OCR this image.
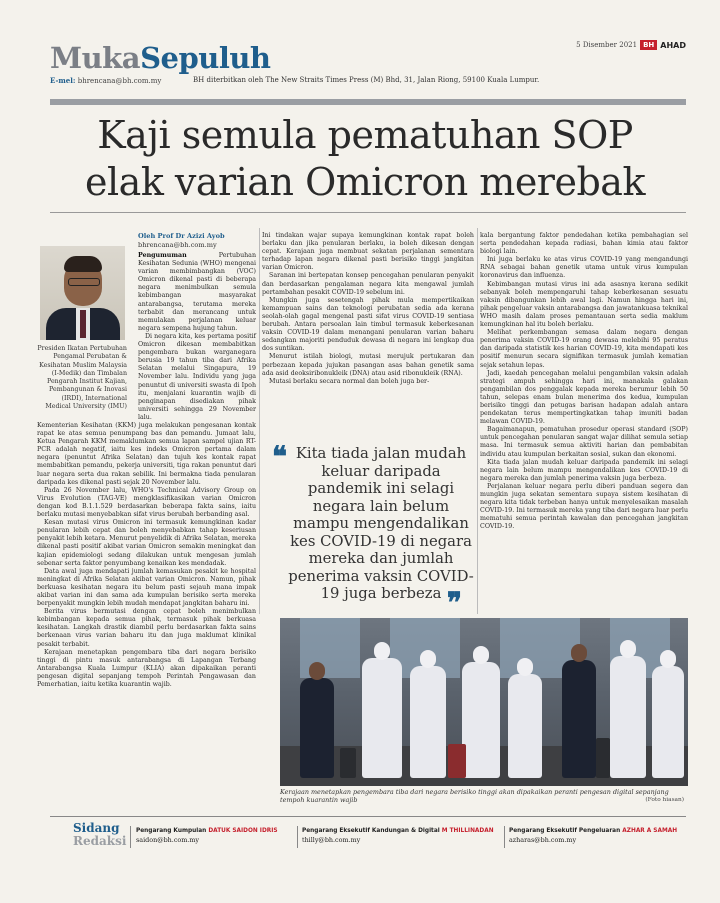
MukaSepuluh	5 Disember 2021 BH AHAD
E-mel: bhrencana@bh.com.my	BH diterbitkan oleh The New Straits Times Press (M) Bhd, 31, Jalan Riong, 59100 Kuala Lumpur.
Kaji semula pematuhan SOP
elak varian Omicron merebak
Presiden Ikatan Pertubuhan Pengamal Perubatan & Kesihatan Muslim Malaysia (I-Medik) dan Timbalan Pengarah Institut Kajian, Pembangunan & Inovasi (IRDI), International Medical University (IMU)
Oleh Prof Dr Azizi Ayob
bhrencana@bh.com.my

Pengumuman Pertubuhan Kesihatan Sedunia (WHO) mengenai varian membimbangkan (VOC) Omicron dikenal pasti di beberapa negara menimbulkan semula kebimbangan masyarakat antarabangsa, terutama mereka terbabit dan merancang untuk memulakan perjalanan keluar negara sempena hujung tahun.

Di negara kita, kes pertama positif Omicron dikesan membabitkan pengembara bukan warganegara berusia 19 tahun tiba dari Afrika Selatan melalui Singapura, 19 November lalu. Individu yang juga penuntut di universiti swasta di Ipoh itu, menjalani kuarantin wajib di penginapan disediakan pihak universiti sehingga 29 November lalu.

Kementerian Kesihatan (KKM) juga melakukan pengesanan kontak rapat ke atas semua penumpang bas dan pemandu. Jumaat lalu, Ketua Pengarah KKM memaklumkan semua lapan sampel ujian RT-PCR adalah negatif, iaitu kes indeks Omicron pertama dalam negara (penuntut Afrika Selatan) dan tujuh kes kontak rapat membabitkan pemandu, pekerja universiti, tiga rakan penuntut dari luar negara serta dua rakan sebilik. Ini bermakna tiada penularan daripada kes dikenal pasti sejak 20 November lalu.

Pada 26 November lalu, WHO's Technical Advisory Group on Virus Evolution (TAG-VE) mengklasifikasikan varian Omicron dengan kod B.1.1.529 berdasarkan beberapa fakta sains, iaitu berlaku mutasi menyebabkan sifat virus berubah berbanding asal.

Kesan mutasi virus Omicron ini termasuk kemungkinan kadar penularan lebih cepat dan boleh menyebabkan tahap keseriusan penyakit lebih ketara. Menurut penyelidik di Afrika Selatan, mereka dikenal pasti positif akibat varian Omicron semakin meningkat dan kajian epidemiologi sedang dilakukan untuk mengesan jumlah sebenar serta faktor penyumbang kenaikan kes mendadak.

Data awal juga mendapati jumlah kemasukan pesakit ke hospital meningkat di Afrika Selatan akibat varian Omicron. Namun, pihak berkuasa kesihatan negara itu belum pasti sejauh mana impak akibat varian ini dan sama ada kumpulan berisiko serta mereka berpenyakit mungkin lebih mudah mendapat jangkitan baharu ini.

Berita virus bermutasi dengan cepat boleh menimbulkan kebimbangan kepada semua pihak, termasuk pihak berkuasa kesihatan. Langkah drastik diambil perlu berdasarkan fakta sains berkenaan virus varian baharu itu dan juga maklumat klinikal pesakit terbabit.

Kerajaan menetapkan pengembara tiba dari negara berisiko tinggi di pintu masuk antarabangsa di Lapangan Terbang Antarabangsa Kuala Lumpur (KLIA) akan dipakaikan peranti pengesan digital sepanjang tempoh Perintah Pengawasan dan Pemerhatian, iaitu ketika kuarantin wajib.

Ini tindakan wajar supaya kemungkinan kontak rapat boleh berlaku dan jika penularan berlaku, ia boleh dikesan dengan cepat. Kerajaan juga membuat sekatan perjalanan sementara terhadap lapan negara dikenal pasti berisiko tinggi jangkitan varian Omicron.

Saranan ini bertepatan konsep pencegahan penularan penyakit dan berdasarkan pengalaman negara kita mengawal jumlah pertambahan pesakit COVID-19 sebelum ini.

Mungkin juga sesetengah pihak mula mempertikaikan kemampuan sains dan teknologi perubatan sedia ada kerana seolah-olah gagal mengenal pasti sifat virus COVID-19 sentiasa berubah. Antara persoalan lain timbul termasuk keberkesanan vaksin COVID-19 dalam menangani penularan varian baharu sedangkan majoriti penduduk dewasa di negara ini lengkap dua dos suntikan.

Menurut istilah biologi, mutasi merujuk pertukaran dan perbezaan kepada jujukan pasangan asas bahan genetik sama ada asid deoksiribonukleik (DNA) atau asid ribonukleik (RNA).

Mutasi berlaku secara normal dan boleh juga ber-

kala bergantung faktor pendedahan ketika pembahagian sel serta pendedahan kepada radiasi, bahan kimia atau faktor biologi lain.

Ini juga berlaku ke atas virus COVID-19 yang mengandungi RNA sebagai bahan genetik utama untuk virus kumpulan koronavirus dan influenza.

Kebimbangan mutasi virus ini ada asasnya kerana sedikit sebanyak boleh mempengaruhi tahap keberkesanan sesuatu vaksin dibangunkan lebih awal lagi. Namun hingga hari ini, pihak pengeluar vaksin antarabangsa dan jawatankuasa teknikal WHO masih dalam proses pemantauan serta sedia maklum kemungkinan hal itu boleh berlaku.

Melihat perkembangan semasa dalam negara dengan penerima vaksin COVID-19 orang dewasa melebihi 95 peratus dan daripada statistik kes harian COVID-19, kita mendapati kes positif menurun secara signifikan termasuk jumlah kematian sejak setahun lepas.

Jadi, kaedah pencegahan melalui pengambilan vaksin adalah strategi ampuh sehingga hari ini, manakala galakan pengambilan dos penggalak kepada mereka berumur lebih 50 tahun, selepas enam bulan menerima dos kedua, kumpulan berisiko tinggi dan petugas barisan hadapan adalah antara pendekatan terus mempertingkatkan tahap imuniti badan melawan COVID-19.

Bagaimanapun, pematuhan prosedur operasi standard (SOP) untuk pencegahan penularan sangat wajar dilihat semula setiap masa. Ini termasuk semua aktiviti harian dan pembabitan individu atau kumpulan berkaitan sosial, sukan dan ekonomi.

Kita tiada jalan mudah keluar daripada pandemik ini selagi negara lain belum mampu mengendalikan kes COVID-19 di negara mereka dan jumlah penerima vaksin juga berbeza.

Perjalanan keluar negara perlu diberi panduan segera dan mungkin juga sekatan sementara supaya sistem kesihatan di negara kita tidak terbeban hanya untuk menyelesaikan masalah COVID-19. Ini termasuk mereka yang tiba dari negara luar perlu mematuhi semua perintah kawalan dan pencegahan jangkitan COVID-19.

❝ Kita tiada jalan mudah keluar daripada pandemik ini selagi negara lain belum mampu mengendalikan kes COVID-19 di negara mereka dan jumlah penerima vaksin COVID-19 juga berbeza ❞
Kerajaan menetapkan pengembara tiba dari negara berisiko tinggi akan dipakaikan peranti pengesan digital sepanjang tempoh kuarantin wajib	(Foto hiasan)
Sidang
Redaksi
Pengarang Kumpulan DATUK SAIDON IDRIS
saidon@bh.com.my
Pengarang Eksekutif Kandungan & Digital M THILLINADAN
thilly@bh.com.my
Pengarang Eksekutif Pengeluaran AZHAR A SAMAH
azharas@bh.com.my
